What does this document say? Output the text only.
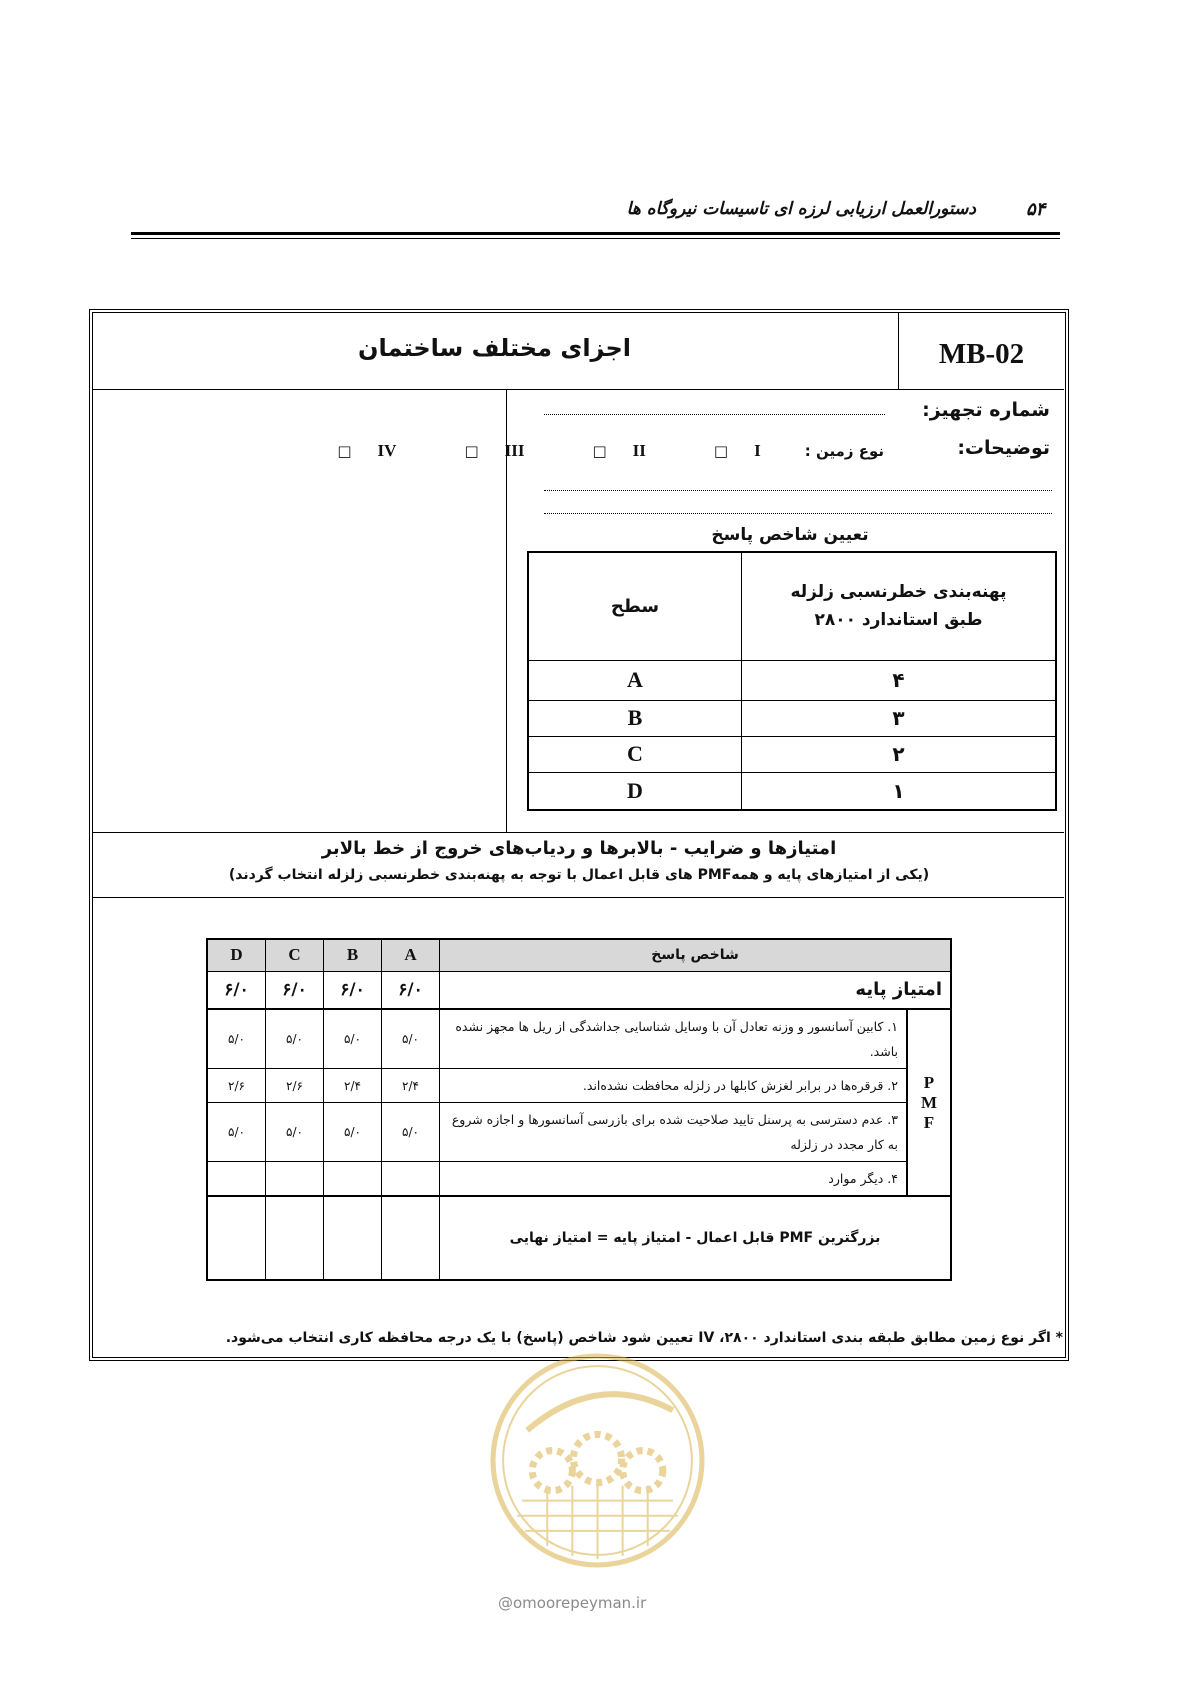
دستورالعمل ارزیابی لرزه ای تاسیسات نیروگاه ها	۵۴
اجزای مختلف ساختمان	MB-02
شماره تجهیز:
توضیحات:
نوع زمین :
I
□
II
□
III
□
IV
□
تعیین شاخص پاسخ
پهنه‌بندی خطرنسبی زلزله
طبق استاندارد ۲۸۰۰	سطح
۴	A
۳	B
۲	C
۱	D
امتیازها و ضرایب - بالابرها و ردیاب‌های خروج از خط بالابر
(یکی از امتیازهای پایه و همهPMF های قابل اعمال با توجه به پهنه‌بندی خطرنسبی زلزله انتخاب گردند)
D	C	B	A	شاخص پاسخ	
۶/۰	۶/۰	۶/۰	۶/۰	امتیاز پایه	
۵/۰	۵/۰	۵/۰	۵/۰	۱. کابین آسانسور و وزنه تعادل آن با وسایل شناسایی جداشدگی از ریل ها مجهز نشده باشد.	P
M
F

۲/۶	۲/۶	۲/۴	۲/۴	۲. قرقره‌ها در برابر لغزش کابلها در زلزله محافظت نشده‌اند.	
۵/۰	۵/۰	۵/۰	۵/۰	۳. عدم دسترسی به پرسنل تایید صلاحیت شده برای بازرسی آسانسورها و اجازه شروع به کار مجدد در زلزله	
				۴. دیگر موارد	
				بزرگترین PMF قابل اعمال - امتیاز پایه = امتیاز نهایی	
* اگر نوع زمین مطابق طبقه بندی استاندارد ۲۸۰۰، IV تعیین شود شاخص (پاسخ) با یک درجه محافظه کاری انتخاب می‌شود.
@omoorepeyman.ir
